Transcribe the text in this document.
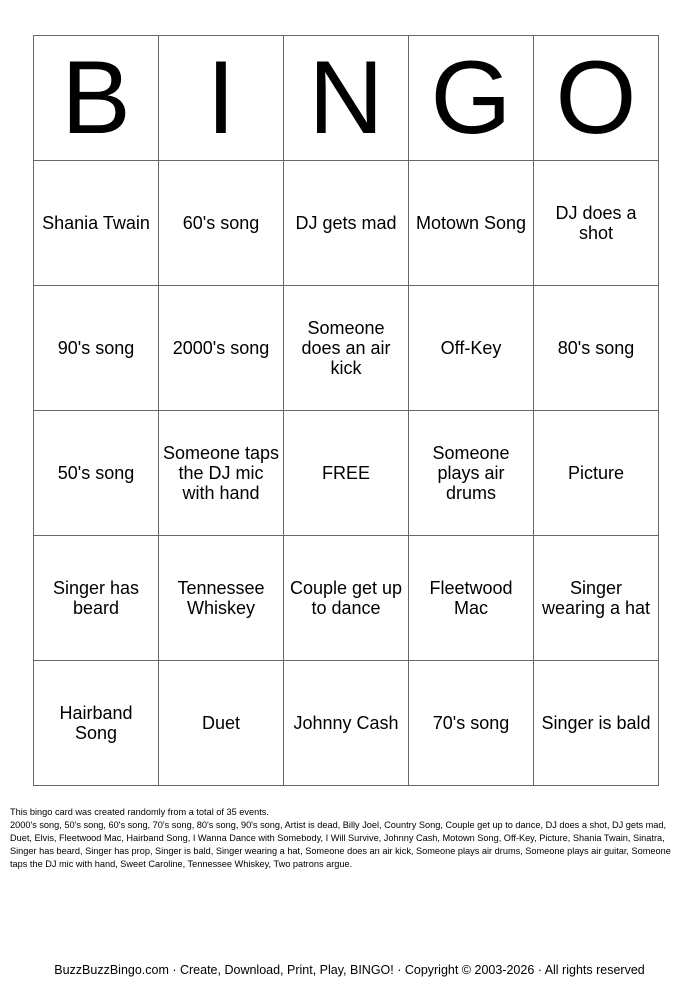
B	I	N	G	O
Shania Twain	60's song	DJ gets mad	Motown Song	DJ does a shot
90's song	2000's song	Someone does an air kick	Off-Key	80's song
50's song	Someone taps the DJ mic with hand	FREE	Someone plays air drums	Picture
Singer has beard	Tennessee Whiskey	Couple get up to dance	Fleetwood Mac	Singer wearing a hat
Hairband Song	Duet	Johnny Cash	70's song	Singer is bald
This bingo card was created randomly from a total of 35 events.
2000's song, 50's song, 60's song, 70's song, 80's song, 90's song, Artist is dead, Billy Joel, Country Song, Couple get up to dance, DJ does a shot, DJ gets mad, Duet, Elvis, Fleetwood Mac, Hairband Song, I Wanna Dance with Somebody, I Will Survive, Johnny Cash, Motown Song, Off-Key, Picture, Shania Twain, Sinatra, Singer has beard, Singer has prop, Singer is bald, Singer wearing a hat, Someone does an air kick, Someone plays air drums, Someone plays air guitar, Someone taps the DJ mic with hand, Sweet Caroline, Tennessee Whiskey, Two patrons argue.
BuzzBuzzBingo.com · Create, Download, Print, Play, BINGO! · Copyright © 2003-2026 · All rights reserved
